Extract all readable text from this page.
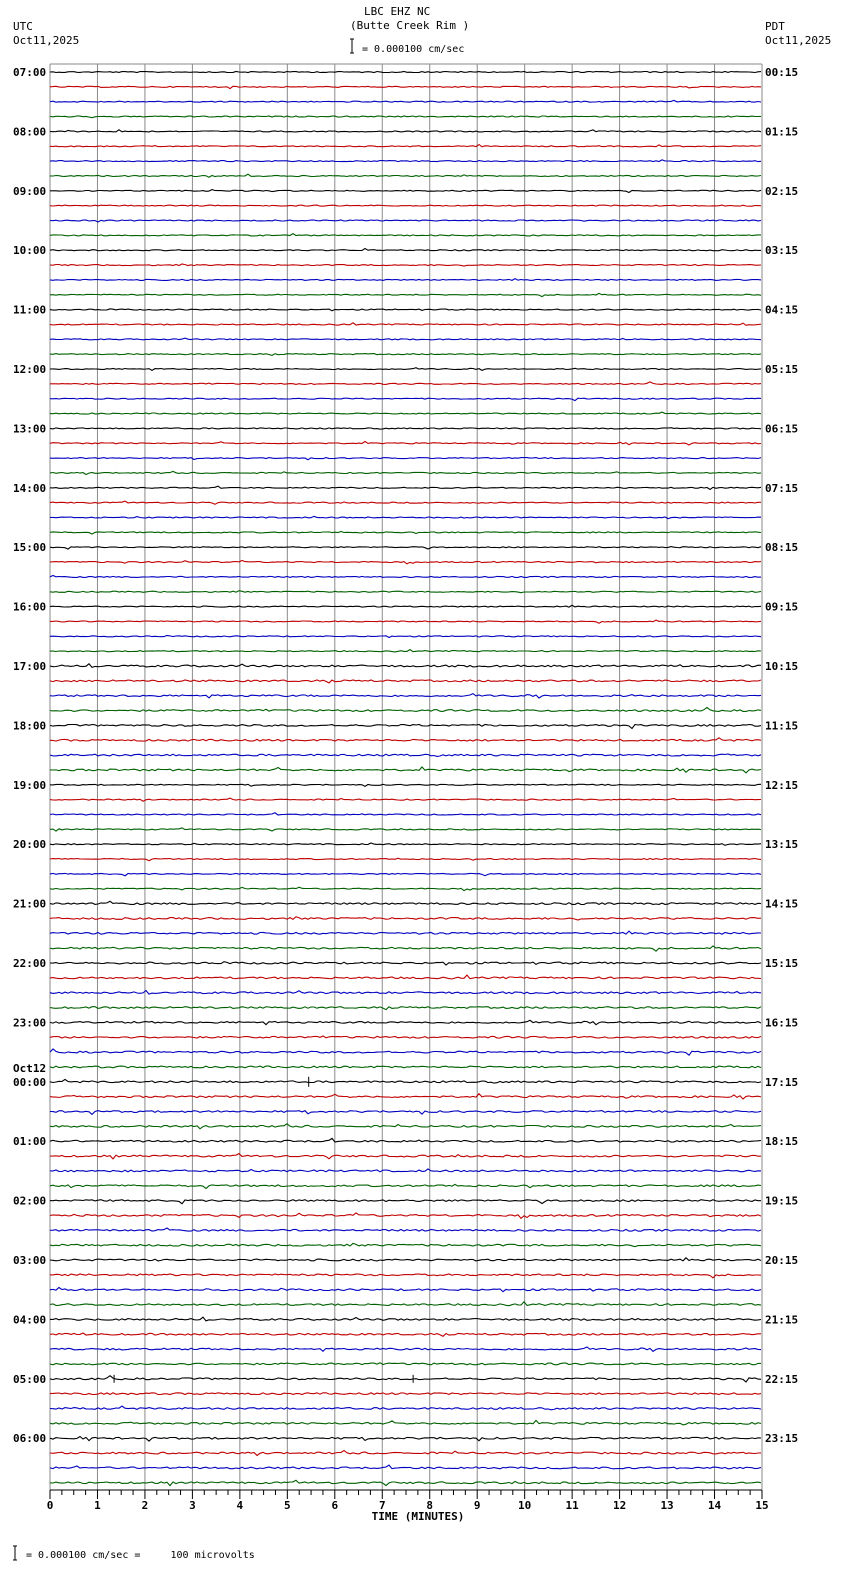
LBC EHZ NC
(Butte Creek Rim )
UTC
Oct11,2025
PDT
Oct11,2025
= 0.000100 cm/sec
= 0.000100 cm/sec =     100 microvolts
07:00
08:00
09:00
10:00
11:00
12:00
13:00
14:00
15:00
16:00
17:00
18:00
19:00
20:00
21:00
22:00
23:00
00:00
Oct12
01:00
02:00
03:00
04:00
05:00
06:00
00:15
01:15
02:15
03:15
04:15
05:15
06:15
07:15
08:15
09:15
10:15
11:15
12:15
13:15
14:15
15:15
16:15
17:15
18:15
19:15
20:15
21:15
22:15
23:15
0	1	2	3	4	5	6	7	8	9	10	11	12	13	14	15
TIME (MINUTES)
